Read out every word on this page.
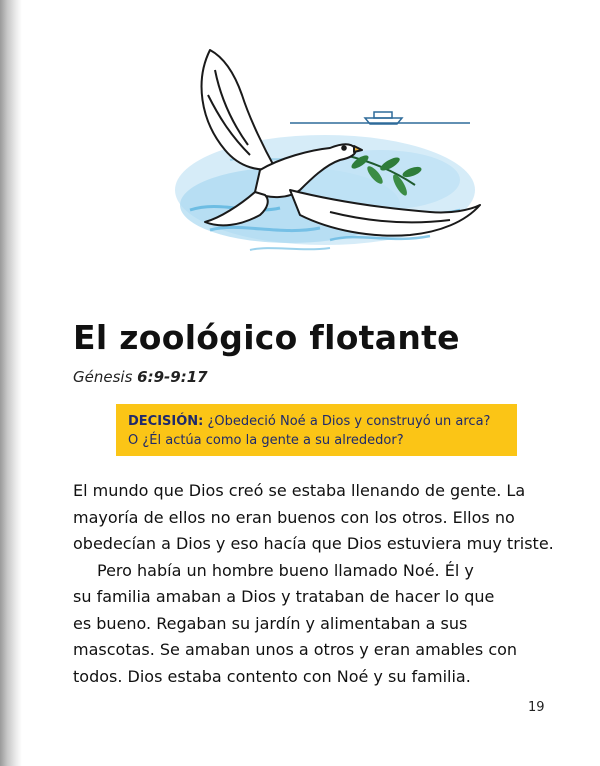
El zoológico flotante
Génesis 6:9-9:17
DECISIÓN: ¿Obedeció Noé a Dios y construyó un arca?
O ¿Él actúa como la gente a su alrededor?
El mundo que Dios creó se estaba llenando de gente. La
mayoría de ellos no eran buenos con los otros. Ellos no
obedecían a Dios y eso hacía que Dios estuviera muy triste.
Pero había un hombre bueno llamado Noé. Él y
su familia amaban a Dios y trataban de hacer lo que
es bueno. Regaban su jardín y alimentaban a sus
mascotas. Se amaban unos a otros y eran amables con
todos. Dios estaba contento con Noé y su familia.
19
